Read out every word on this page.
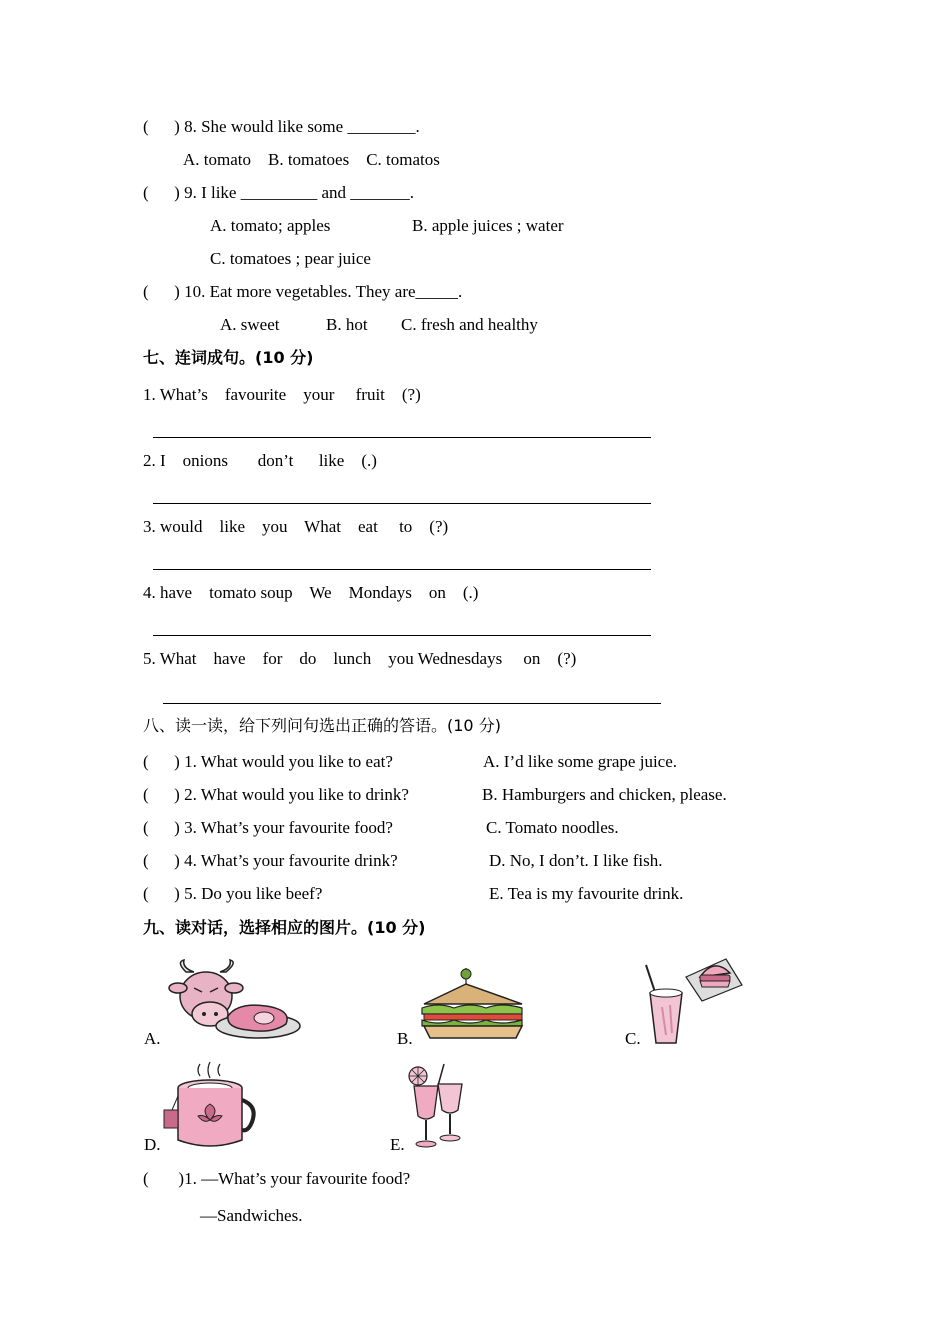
(      ) 8. She would like some ________.
A. tomato    B. tomatoes    C. tomatos
(      ) 9. I like _________ and _______.
A. tomato; apples	B. apple juices ; water
C. tomatoes ; pear juice
(      ) 10. Eat more vegetables. They are_____.
A. sweet	B. hot C. fresh and healthy
七、连词成句。(10 分)
1. What’s    favourite    your     fruit    (?)
2. I    onions       don’t      like    (.)
3. would    like    you    What    eat     to    (?)
4. have    tomato soup    We    Mondays    on    (.)
5. What    have    for    do    lunch    you Wednesdays     on    (?)
八、读一读，给下列问句选出正确的答语。(10 分)
(      ) 1. What would you like to eat?	A. I’d like some grape juice.
(      ) 2. What would you like to drink?	B. Hamburgers and chicken, please.
(      ) 3. What’s your favourite food?	C. Tomato noodles.
(      ) 4. What’s your favourite drink?	D. No, I don’t. I like fish.
(      ) 5. Do you like beef?	E. Tea is my favourite drink.
九、读对话，选择相应的图片。(10 分)
A.	B.	C.
D.	E.
(       )1. —What’s your favourite food?
—Sandwiches.
